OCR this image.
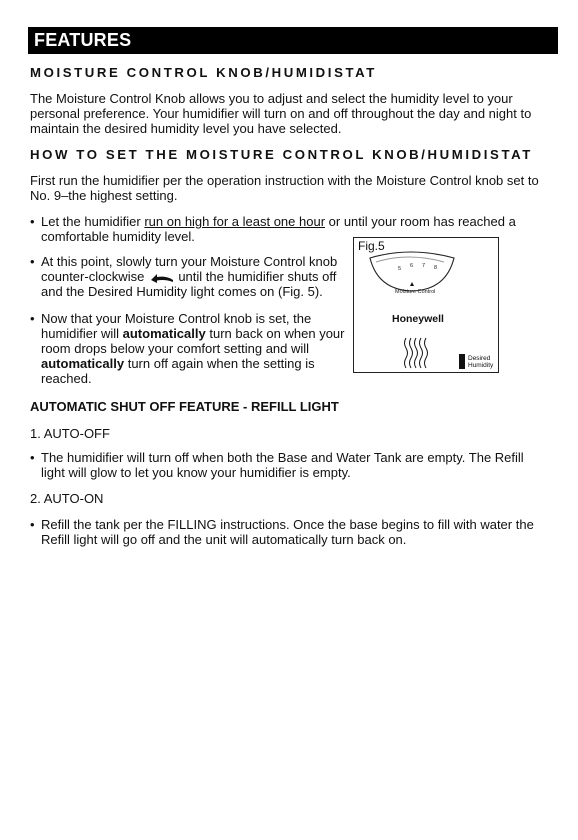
FEATURES
MOISTURE CONTROL KNOB/HUMIDISTAT
The Moisture Control Knob allows you to adjust and select the humidity level to your personal preference. Your humidifier will turn on and off throughout the day and night to maintain the desired humidity level you have selected.
HOW TO SET THE MOISTURE CONTROL KNOB/HUMIDISTAT
First run the humidifier per the operation instruction with the Moisture Control knob set to No. 9–the highest setting.
• Let the humidifier run on high for a least one hour or until your room has reached a comfortable humidity level.
• At this point, slowly turn your Moisture Control knob
counter-clockwise	until the humidifier shuts off
and the Desired Humidity light comes on (Fig. 5).
• Now that your Moisture Control knob is set, the humidifier will automatically turn back on when your room drops below your comfort setting and will automatically turn off again when the setting is reached.
5 6 7 8
Moisture Control
Honeywell
Desired
Humidity
Fig.5
AUTOMATIC SHUT OFF FEATURE - REFILL LIGHT
1. AUTO-OFF
• The humidifier will turn off when both the Base and Water Tank are empty. The Refill light will glow to let you know your humidifier is empty.
2. AUTO-ON
• Refill the tank per the FILLING instructions. Once the base begins to fill with water the Refill light will go off and the unit will automatically turn back on.
